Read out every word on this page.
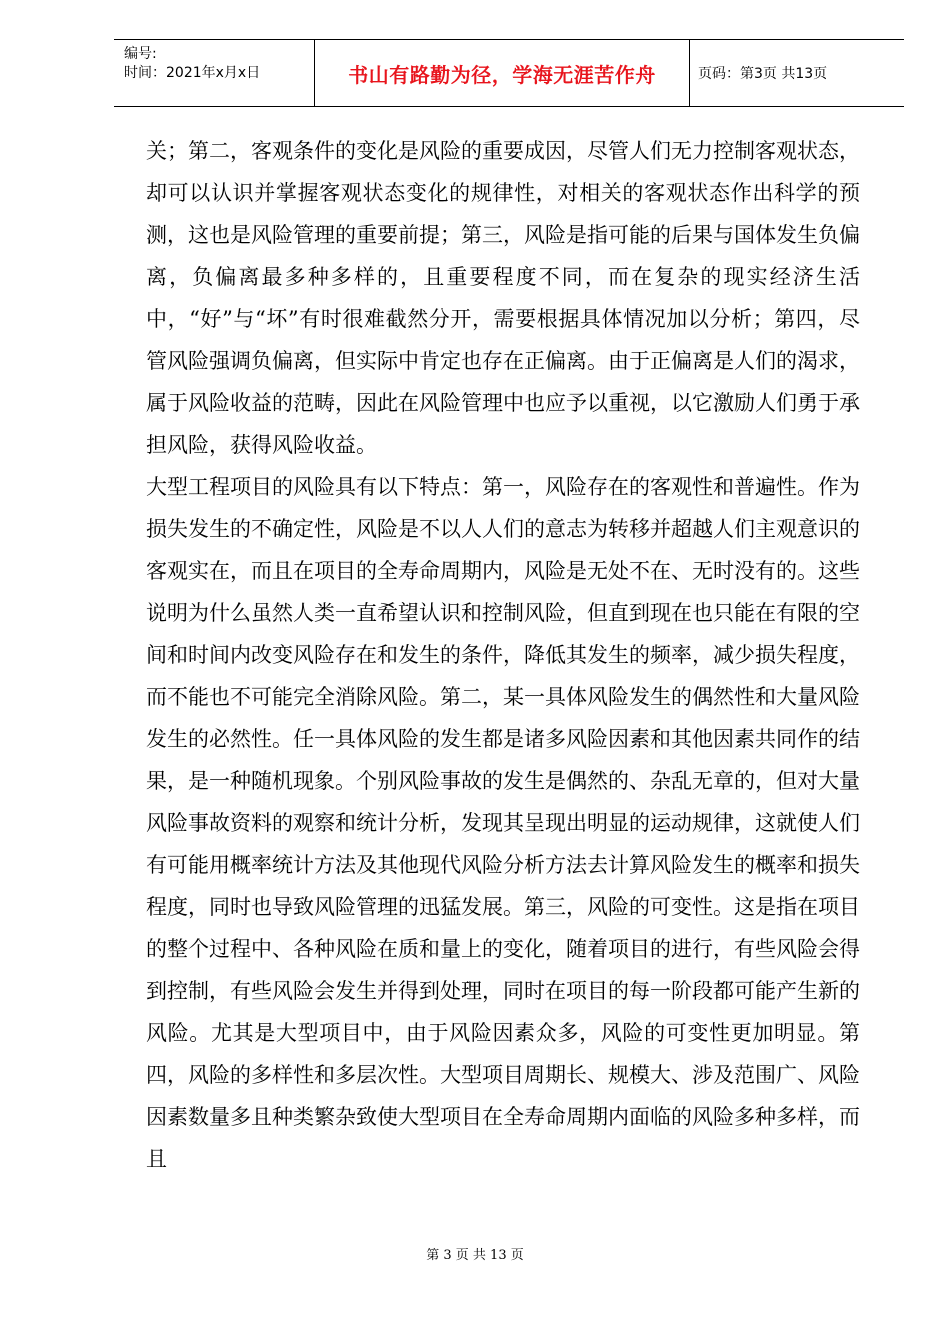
编号:
时间：2021年x月x日	书山有路勤为径，学海无涯苦作舟	页码：第3页 共13页

关；第二，客观条件的变化是风险的重要成因，尽管人们无力控制客观状态，却可以认识并掌握客观状态变化的规律性，对相关的客观状态作出科学的预测，这也是风险管理的重要前提；第三，风险是指可能的后果与国体发生负偏离，负偏离最多种多样的，且重要程度不同，而在复杂的现实经济生活中，“好”与“坏”有时很难截然分开，需要根据具体情况加以分析；第四，尽管风险强调负偏离，但实际中肯定也存在正偏离。由于正偏离是人们的渴求，属于风险收益的范畴，因此在风险管理中也应予以重视，以它激励人们勇于承担风险，获得风险收益。

大型工程项目的风险具有以下特点：第一，风险存在的客观性和普遍性。作为损失发生的不确定性，风险是不以人人们的意志为转移并超越人们主观意识的客观实在，而且在项目的全寿命周期内，风险是无处不在、无时没有的。这些说明为什么虽然人类一直希望认识和控制风险，但直到现在也只能在有限的空间和时间内改变风险存在和发生的条件，降低其发生的频率，减少损失程度，而不能也不可能完全消除风险。第二，某一具体风险发生的偶然性和大量风险发生的必然性。任一具体风险的发生都是诸多风险因素和其他因素共同作的结果，是一种随机现象。个别风险事故的发生是偶然的、杂乱无章的，但对大量风险事故资料的观察和统计分析，发现其呈现出明显的运动规律，这就使人们有可能用概率统计方法及其他现代风险分析方法去计算风险发生的概率和损失程度，同时也导致风险管理的迅猛发展。第三，风险的可变性。这是指在项目的整个过程中、各种风险在质和量上的变化，随着项目的进行，有些风险会得到控制，有些风险会发生并得到处理，同时在项目的每一阶段都可能产生新的风险。尤其是大型项目中，由于风险因素众多，风险的可变性更加明显。第四，风险的多样性和多层次性。大型项目周期长、规模大、涉及范围广、风险因素数量多且种类繁杂致使大型项目在全寿命周期内面临的风险多种多样，而且

第 3 页 共 13 页
